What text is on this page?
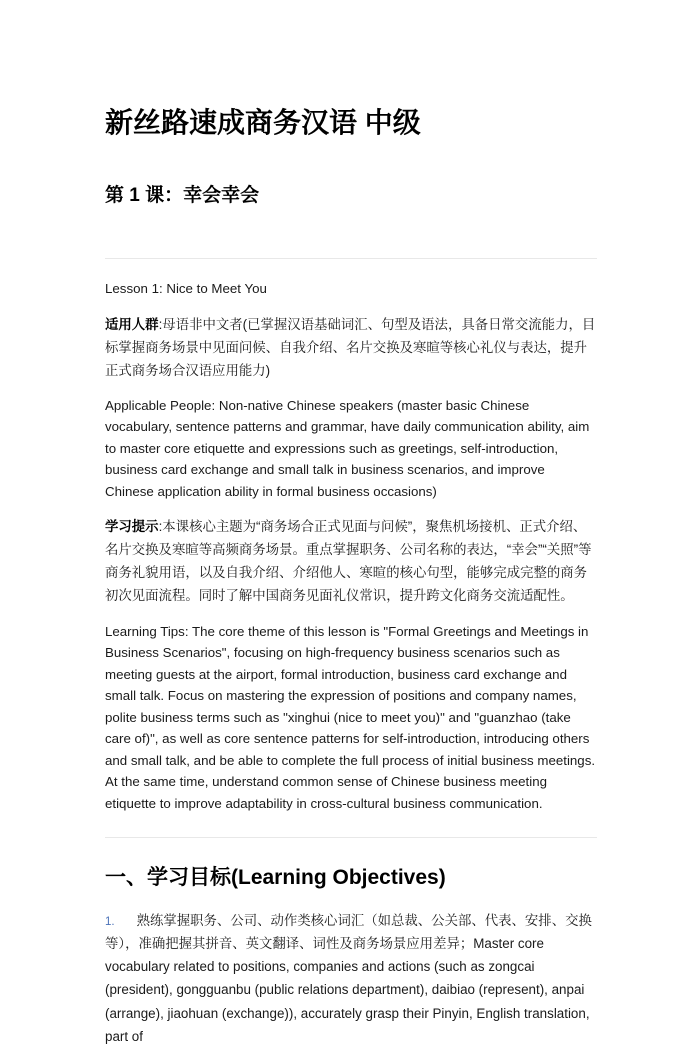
新丝路速成商务汉语 中级
第 1 课：幸会幸会

Lesson 1: Nice to Meet You

适用人群:母语非中文者(已掌握汉语基础词汇、句型及语法，具备日常交流能力，目标掌握商务场景中见面问候、自我介绍、名片交换及寒暄等核心礼仪与表达，提升正式商务场合汉语应用能力)

Applicable People: Non-native Chinese speakers (master basic Chinese vocabulary, sentence patterns and grammar, have daily communication ability, aim to master core etiquette and expressions such as greetings, self-introduction, business card exchange and small talk in business scenarios, and improve Chinese application ability in formal business occasions)

学习提示:本课核心主题为“商务场合正式见面与问候”，聚焦机场接机、正式介绍、名片交换及寒暄等高频商务场景。重点掌握职务、公司名称的表达，“幸会”“关照”等商务礼貌用语，以及自我介绍、介绍他人、寒暄的核心句型，能够完成完整的商务初次见面流程。同时了解中国商务见面礼仪常识，提升跨文化商务交流适配性。

Learning Tips: The core theme of this lesson is "Formal Greetings and Meetings in Business Scenarios", focusing on high-frequency business scenarios such as meeting guests at the airport, formal introduction, business card exchange and small talk. Focus on mastering the expression of positions and company names, polite business terms such as "xinghui (nice to meet you)" and "guanzhao (take care of)", as well as core sentence patterns for self-introduction, introducing others and small talk, and be able to complete the full process of initial business meetings. At the same time, understand common sense of Chinese business meeting etiquette to improve adaptability in cross-cultural business communication.

一、学习目标(Learning Objectives)
1. 熟练掌握职务、公司、动作类核心词汇（如总裁、公关部、代表、安排、交换等），准确把握其拼音、英文翻译、词性及商务场景应用差异；Master core vocabulary related to positions, companies and actions (such as zongcai (president), gongguanbu (public relations department), daibiao (represent), anpai (arrange), jiaohuan (exchange)), accurately grasp their Pinyin, English translation, part of
